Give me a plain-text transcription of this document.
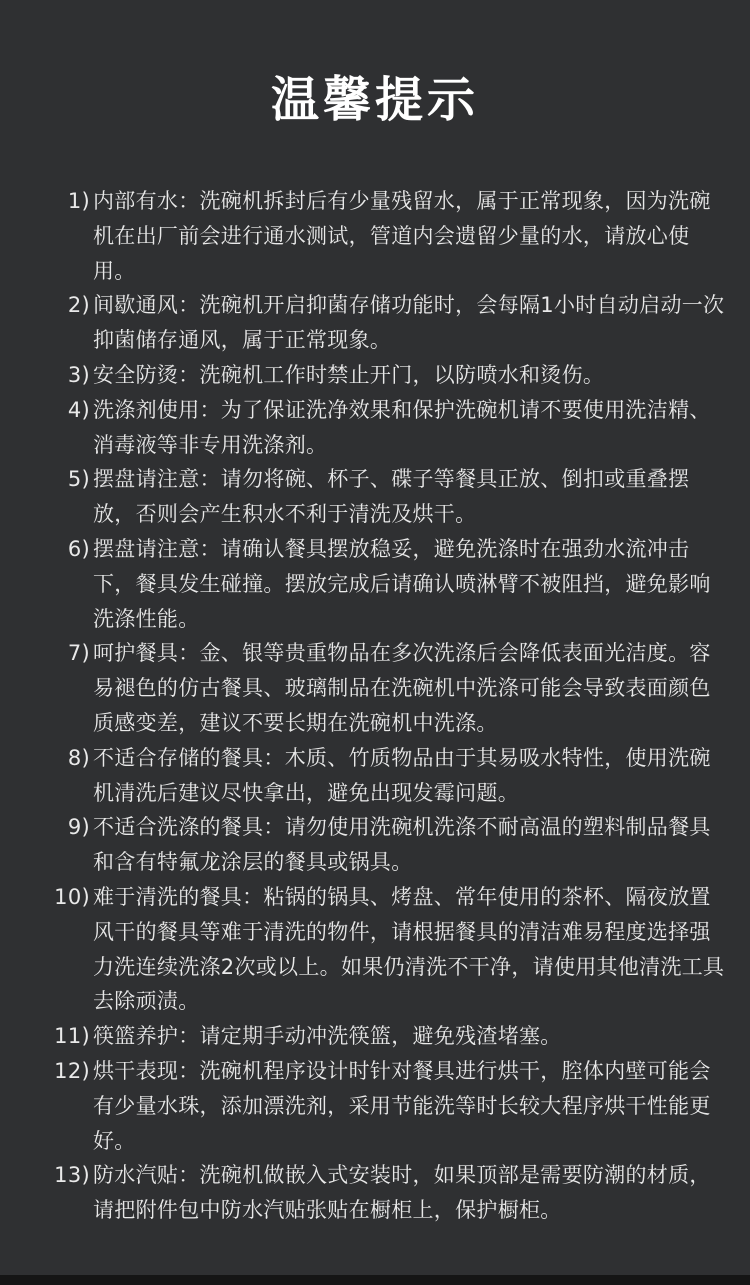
温馨提示
1) 内部有水：洗碗机拆封后有少量残留水，属于正常现象，因为洗碗机在出厂前会进行通水测试，管道内会遗留少量的水，请放心使用。
2) 间歇通风：洗碗机开启抑菌存储功能时，会每隔1小时自动启动一次抑菌储存通风，属于正常现象。
3) 安全防烫：洗碗机工作时禁止开门，以防喷水和烫伤。
4) 洗涤剂使用：为了保证洗净效果和保护洗碗机请不要使用洗洁精、消毒液等非专用洗涤剂。
5) 摆盘请注意：请勿将碗、杯子、碟子等餐具正放、倒扣或重叠摆放，否则会产生积水不利于清洗及烘干。
6) 摆盘请注意：请确认餐具摆放稳妥，避免洗涤时在强劲水流冲击下，餐具发生碰撞。摆放完成后请确认喷淋臂不被阻挡，避免影响洗涤性能。
7) 呵护餐具：金、银等贵重物品在多次洗涤后会降低表面光洁度。容易褪色的仿古餐具、玻璃制品在洗碗机中洗涤可能会导致表面颜色质感变差，建议不要长期在洗碗机中洗涤。
8) 不适合存储的餐具：木质、竹质物品由于其易吸水特性，使用洗碗机清洗后建议尽快拿出，避免出现发霉问题。
9) 不适合洗涤的餐具：请勿使用洗碗机洗涤不耐高温的塑料制品餐具和含有特氟龙涂层的餐具或锅具。
10) 难于清洗的餐具：粘锅的锅具、烤盘、常年使用的茶杯、隔夜放置风干的餐具等难于清洗的物件，请根据餐具的清洁难易程度选择强力洗连续洗涤2次或以上。如果仍清洗不干净，请使用其他清洗工具去除顽渍。
11) 筷篮养护：请定期手动冲洗筷篮，避免残渣堵塞。
12) 烘干表现：洗碗机程序设计时针对餐具进行烘干，腔体内壁可能会有少量水珠，添加漂洗剂，采用节能洗等时长较大程序烘干性能更好。
13) 防水汽贴：洗碗机做嵌入式安装时，如果顶部是需要防潮的材质，请把附件包中防水汽贴张贴在橱柜上，保护橱柜。
